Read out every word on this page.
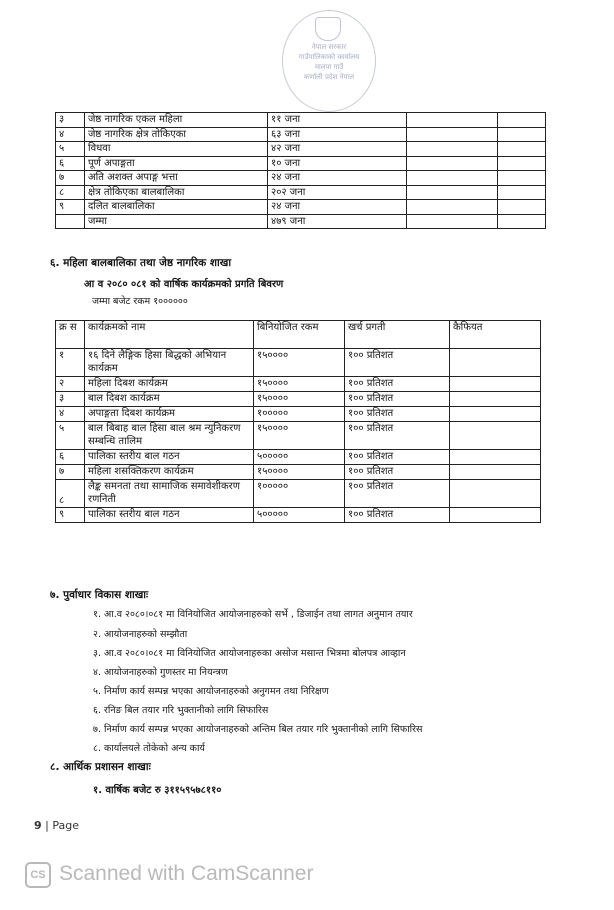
नेपाल सरकार
गाउँपालिकाको कार्यालय
मालपा गाउँ
कर्णाली प्रदेश नेपाल
३	जेष्ठ नागरिक एकल महिला	११ जना		
४	जेष्ठ नागरिक क्षेत्र तोकिएका	६३ जना		
५	विधवा	४२ जना		
६	पूर्ण अपाङ्गता	१० जना		
७	अति अशक्त अपाङ्ग भत्ता	२४ जना		
८	क्षेत्र तोकिएका बालबालिका	२०२ जना		
९	दलित बालबालिका	२४ जना		
	जम्मा	४७९ जना		
६. महिला बालबालिका तथा जेष्ठ नागरिक शाखा
आ व २०८० ०८१ को वार्षिक कार्यक्रमको प्रगति बिवरण
जम्मा बजेट रकम १००००००
क्र स	कार्यक्रमको नाम	बिनियोजित रकम	खर्च प्रगती	कैफियत
१	१६ दिने लैङ्गिक हिसा बिद्धको अभियान कार्यक्रम	१५००००	१०० प्रतिशत	
२	महिला दिबश कार्यक्रम	१५००००	१०० प्रतिशत	
३	बाल दिबश कार्यक्रम	१५००००	१०० प्रतिशत	
४	अपाङ्गता दिबश कार्यक्रम	१०००००	१०० प्रतिशत	
५	बाल बिबाह बाल हिसा बाल श्रम न्युनिकरण सम्बन्धि तालिम	१५००००	१०० प्रतिशत	
६	पालिका स्तरीय बाल गठन	५०००००	१०० प्रतिशत	
७	महिला शसक्तिकरण कार्यक्रम	१५००००	१०० प्रतिशत	
८	लैङ्क समनता तथा सामाजिक समावेशीकरण रणनिती	१०००००	१०० प्रतिशत	
९	पालिका स्तरीय बाल गठन	५०००००	१०० प्रतिशत	
७. पुर्वाधार विकास शाखाः
१. आ.व २०८०।०८१ मा विनियोजित आयोजनाहरुको सर्भे , डिजाईन तथा लागत अनुमान तयार
२. आयोजनाहरुको सम्झौता
३. आ.व २०८०।०८१ मा विनियोजित आयोजनाहरुका असोज मसान्त भित्रमा बोलपत्र आव्हान
४. आयोजनाहरुको गुणस्तर मा नियन्त्रण
५. निर्माण कार्य सम्पन्न भएका आयोजनाहरुको अनुगमन तथा निरिक्षण
६. रनिङ बिल तयार गरि भुक्तानीको लागि सिफारिस
७. निर्माण कार्य सम्पन्न भएका आयोजनाहरुको अन्तिम बिल तयार गरि भुक्तानीको लागि सिफारिस
८. कार्यालयले तोकेको अन्य कार्य
८. आर्थिक प्रशासन शाखाः
१. वार्षिक बजेट रु ३११५९५७८११०
9 | Page
CS Scanned with CamScanner
